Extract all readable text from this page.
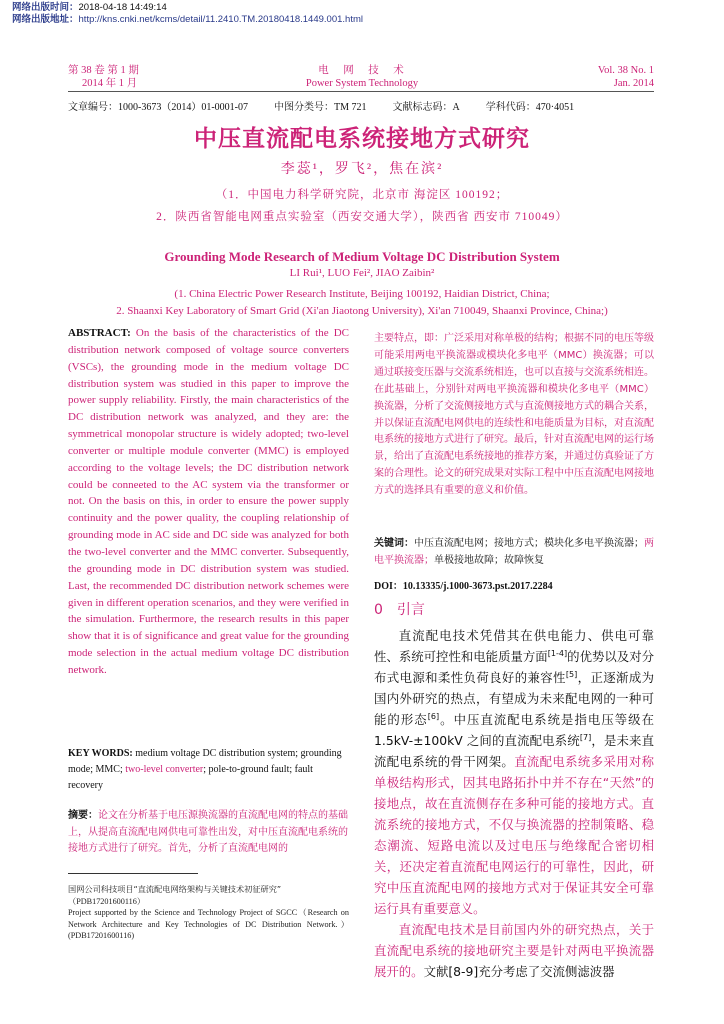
网络出版时间：2018-04-18 14:49:14
网络出版地址：http://kns.cnki.net/kcms/detail/11.2410.TM.20180418.1449.001.html
第 38 卷 第 1 期
2014 年 1 月
电　网　技　术
Power System Technology
Vol. 38 No. 1
Jan. 2014
文章编号：1000-3673（2014）01-0001-07	中图分类号：TM 721	文献标志码：A	学科代码：470·4051
中压直流配电系统接地方式研究
李蕊¹，罗飞²，焦在滨²
（1．中国电力科学研究院，北京市 海淀区 100192；
2．陕西省智能电网重点实验室（西安交通大学），陕西省 西安市 710049）
Grounding Mode Research of Medium Voltage DC Distribution System
LI Rui¹, LUO Fei², JIAO Zaibin²
(1. China Electric Power Research Institute, Beijing 100192, Haidian District, China;
2. Shaanxi Key Laboratory of Smart Grid (Xi'an Jiaotong University), Xi'an 710049, Shaanxi Province, China;)
ABSTRACT: On the basis of the characteristics of the DC distribution network composed of voltage source converters (VSCs), the grounding mode in the medium voltage DC distribution system was studied in this paper to improve the power supply reliability. Firstly, the main characteristics of the DC distribution network was analyzed, and they are: the symmetrical monopolar structure is widely adopted; two-level converter or multiple module converter (MMC) is employed according to the voltage levels; the DC distribution network could be conneeted to the AC system via the transformer or not. On the basis on this, in order to ensure the power supply continuity and the power quality, the coupling relationship of grounding mode in AC side and DC side was analyzed for both the two-level converter and the MMC converter. Subsequently, the grounding mode in DC distribution system was studied. Last, the recommended DC distribution network schemes were given in different operation scenarios, and they were verified in the simulation. Furthermore, the research results in this paper show that it is of significance and great value for the grounding mode selection in the actual medium voltage DC distribution network.
KEY WORDS: medium voltage DC distribution system; grounding mode; MMC; two-level converter; pole-to-ground fault; fault recovery
摘要：论文在分析基于电压源换流器的直流配电网的特点的基础上，从提高直流配电网供电可靠性出发，对中压直流配电系统的接地方式进行了研究。首先，分析了直流配电网的
国网公司科技项目“直流配电网络架构与关键技术初征研究”
（PDB17201600116）
Project supported by the Science and Technology Project of SGCC（Research on Network Architecture and Key Technologies of DC Distribution Network.）(PDB17201600116)
主要特点，即：广泛采用对称单极的结构；根据不同的电压等级可能采用两电平换流器或模块化多电平（MMC）换流器；可以通过联接变压器与交流系统相连，也可以直接与交流系统相连。在此基础上，分别针对两电平换流器和模块化多电平（MMC）换流器，分析了交流侧接地方式与直流侧接地方式的耦合关系，并以保证直流配电网供电的连续性和电能质量为目标，对直流配电系统的接地方式进行了研究。最后，针对直流配电网的运行场景，给出了直流配电系统接地的推荐方案，并通过仿真验证了方案的合理性。论文的研究成果对实际工程中中压直流配电网接地方式的选择具有重要的意义和价值。
关键词：中压直流配电网；接地方式；模块化多电平换流器；两电平换流器；单极接地故障；故障恢复
DOI：10.13335/j.1000-3673.pst.2017.2284
0　引言

直流配电技术凭借其在供电能力、供电可靠性、系统可控性和电能质量方面[1-4]的优势以及对分布式电源和柔性负荷良好的兼容性[5]，正逐渐成为国内外研究的热点，有望成为未来配电网的一种可能的形态[6]。中压直流配电系统是指电压等级在 1.5kV-±100kV 之间的直流配电系统[7]，是未来直流配电系统的骨干网架。直流配电系统多采用对称单极结构形式，因其电路拓扑中并不存在“天然”的接地点，故在直流侧存在多种可能的接地方式。直流系统的接地方式，不仅与换流器的控制策略、稳态潮流、短路电流以及过电压与绝缘配合密切相关，还决定着直流配电网运行的可靠性，因此，研究中压直流配电网的接地方式对于保证其安全可靠运行具有重要意义。

直流配电技术是目前国内外的研究热点，关于直流配电系统的接地研究主要是针对两电平换流器展开的。文献[8-9]充分考虑了交流侧滤波器
